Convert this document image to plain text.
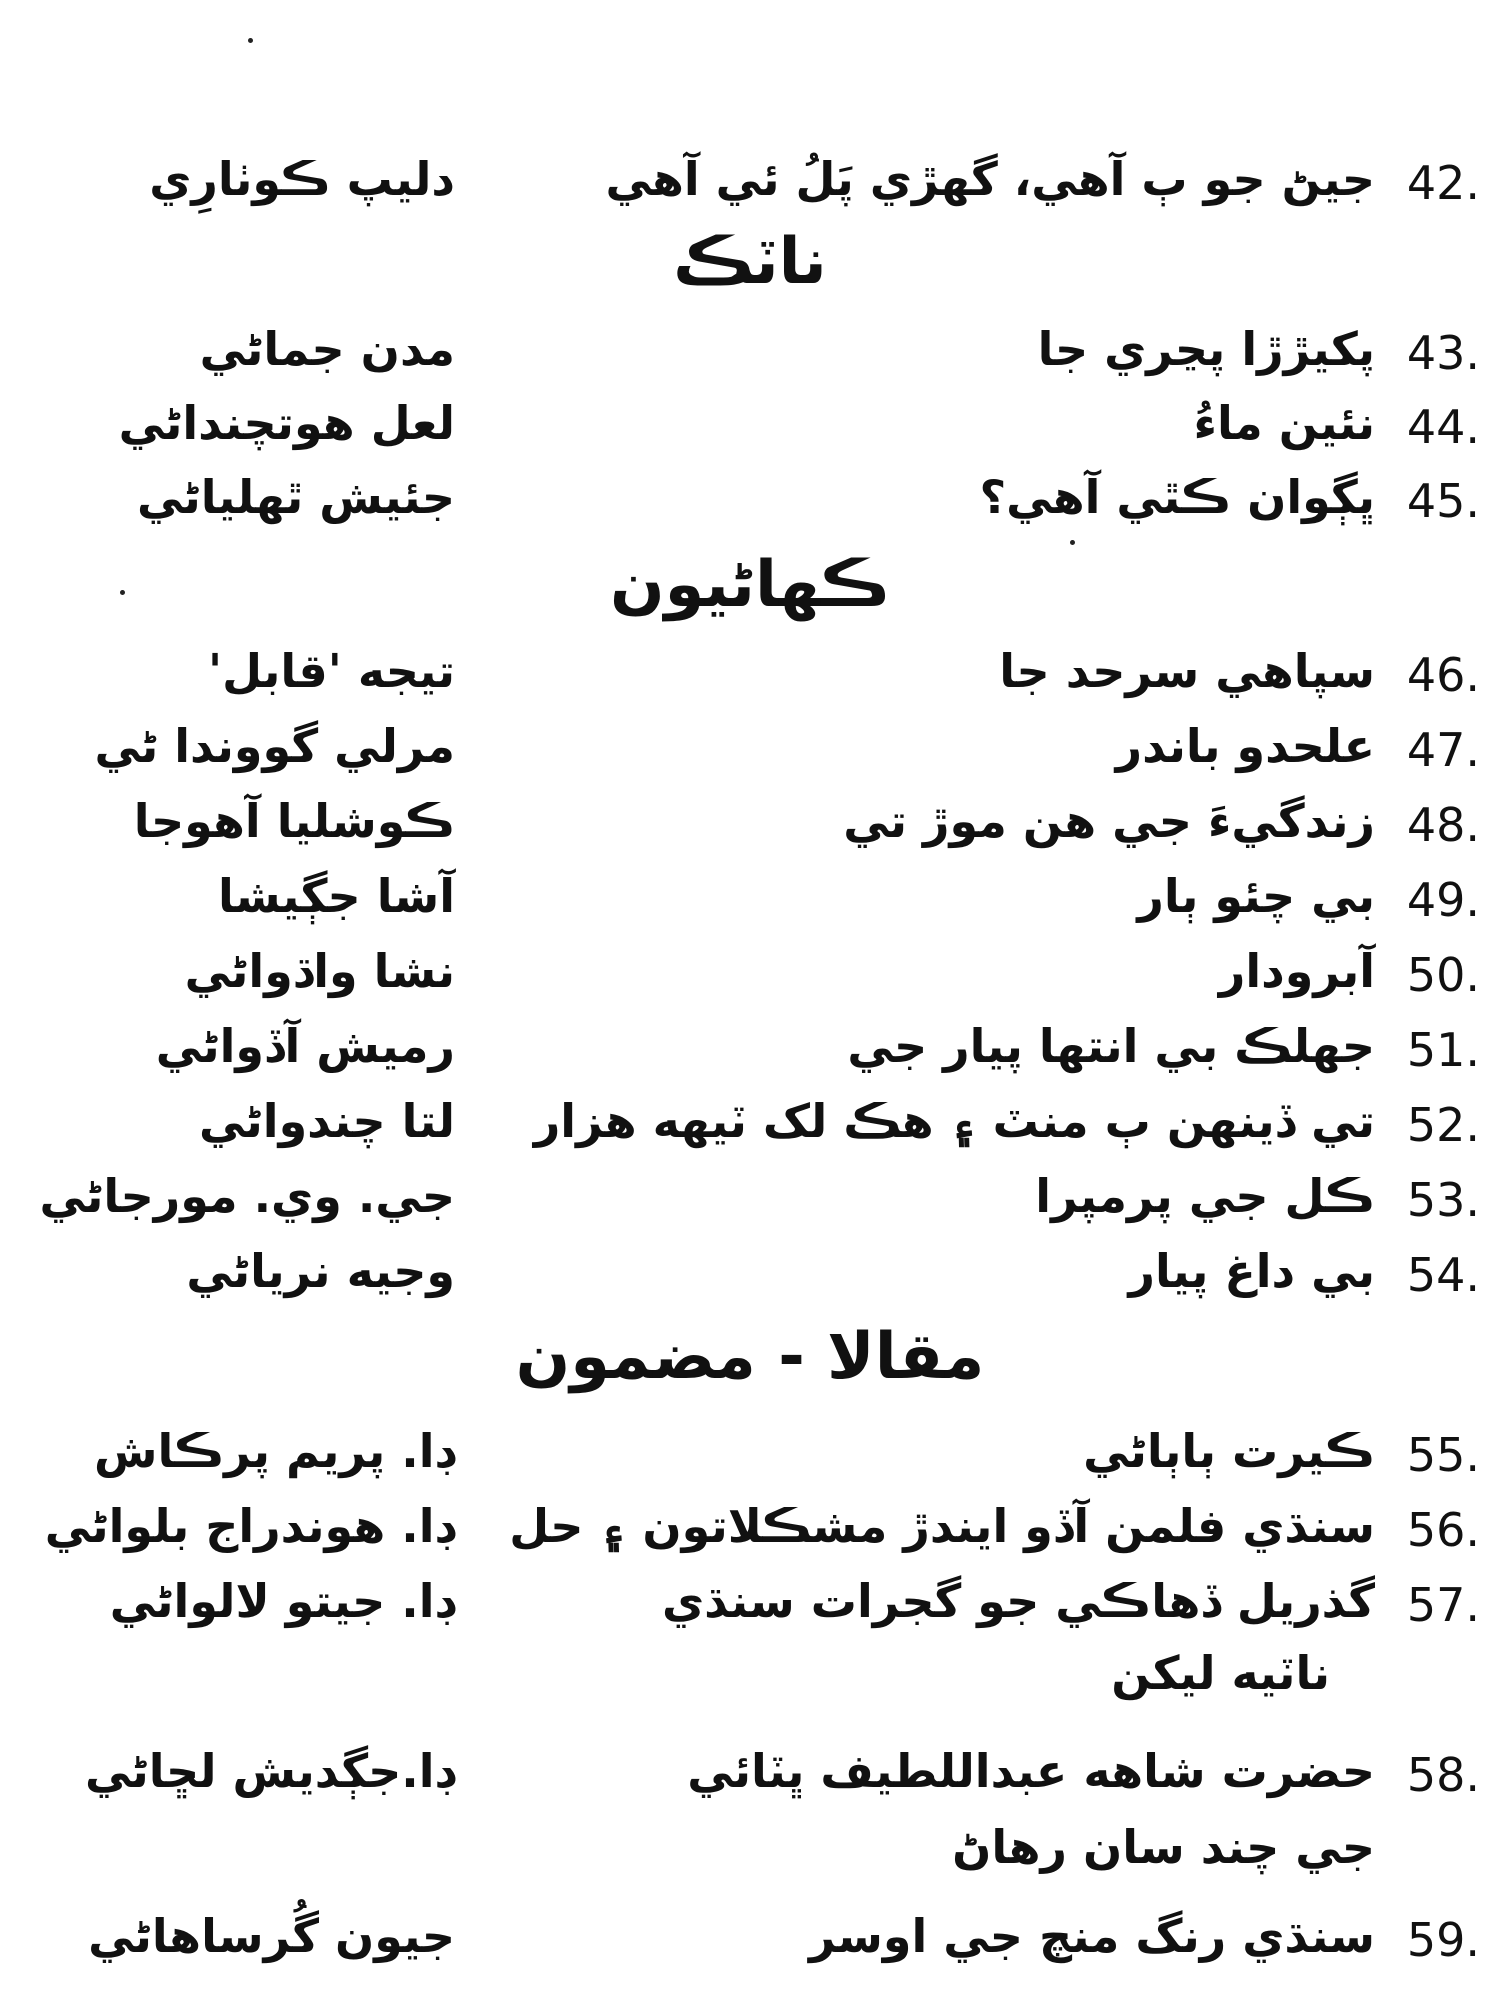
42.
جيڻ جو ٻ آهي، گهڙي پَلُ ئي آهي
دليپ ڪوٺارِي
ناٽڪ
43.
پکيڙڙا پڃري جا
مدن جماڻي
44.
نئين ماءُ
لعل هوتچنداڻي
45.
ڀڳوان ڪٿي آهي؟
جئيش ٿهلياڻي
ڪهاڻيون
46.
سپاهي سرحد جا
تيجه 'قابل'
47.
علحدو باندر
مرلي گووندا ڻي
48.
زندگيءَ جي هن موڙ تي
ڪوشليا آهوجا
49.
بي چئو ٻار
آشا جڳيشا
50.
آبرودار
نشا واڌواڻي
51.
جهلڪ بي انتها پيار جي
رميش آڏواڻي
52.
تي ڏينهن ٻ منٽ ۽ هڪ لک ٽيهه هزار
لتا چندواڻي
53.
ڪل جي پرمپرا
جي. وي. مورجاڻي
54.
بي داغ پيار
وجيه نرياڻي
مقالا - مضمون
55.
ڪيرت ٻاٻاڻي
ڊا. پريم پرڪاش
56.
سنڌي فلمن آڏو ايندڙ مشڪلاتون ۽ حل
ڊا. هوندراج بلواڻي
57.
گذريل ڏهاڪي جو گجرات سنڌي
ناٽيه ليکن
ڊا. جيتو لالواڻي
58.
حضرت شاهه عبداللطيف ڀٽائي
جي چند سان رهاڻ
ڊا.جڳديش لڇاڻي
59.
سنڌي رنگ منچ جي اوسر
جيون گُرساهاڻي
